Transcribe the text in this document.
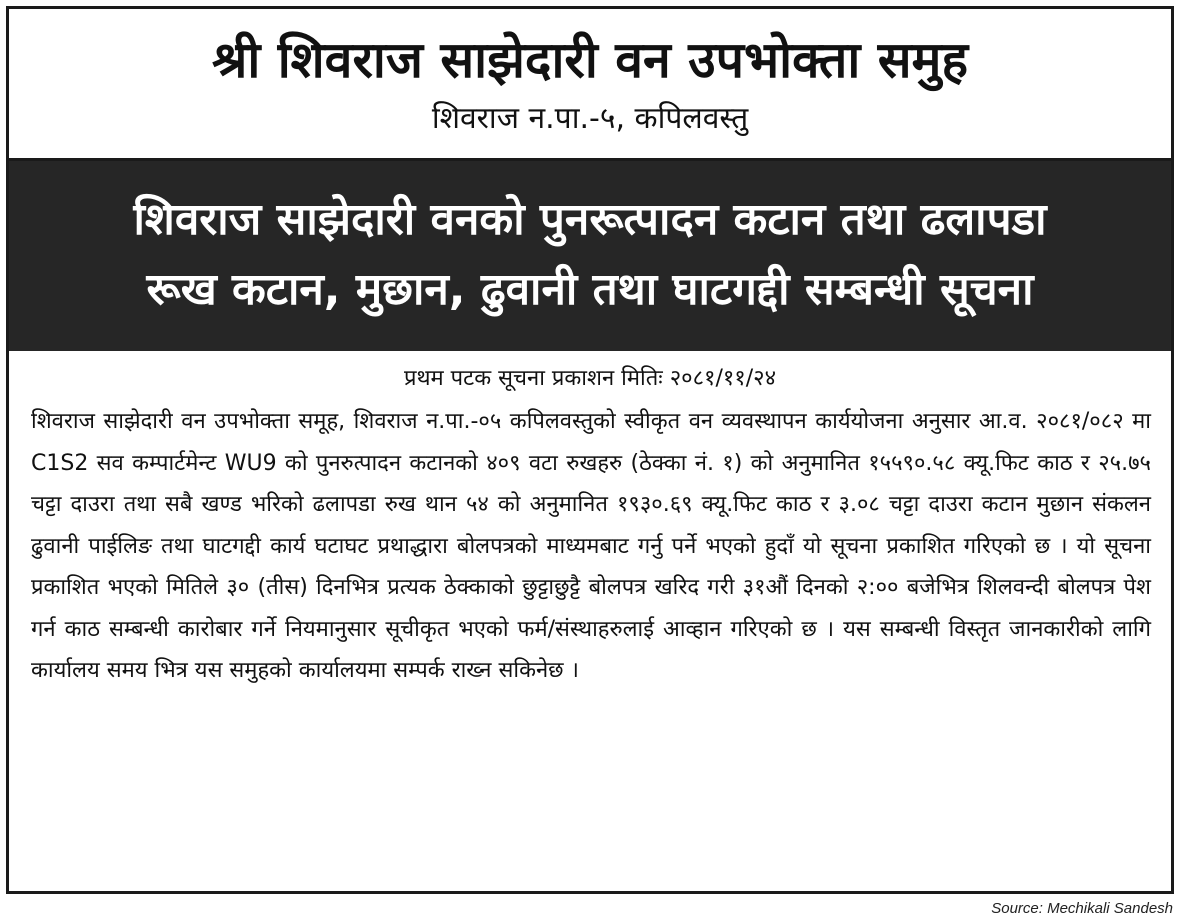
श्री शिवराज साझेदारी वन उपभोक्ता समुह

शिवराज न.पा.-५, कपिलवस्तु

शिवराज साझेदारी वनको पुनरूत्पादन कटान तथा ढलापडा
रूख कटान, मुछान, ढुवानी तथा घाटगद्दी सम्बन्धी सूचना
प्रथम पटक सूचना प्रकाशन मितिः २०८१/११/२४

शिवराज साझेदारी वन उपभोक्ता समूह, शिवराज न.पा.-०५ कपिलवस्तुको स्वीकृत वन व्यवस्थापन कार्ययोजना अनुसार आ.व. २०८१/०८२ मा C1S2 सव कम्पार्टमेन्ट WU9 को पुनरुत्पादन कटानको ४०९ वटा रुखहरु (ठेक्का नं. १) को अनुमानित १५५९०.५८ क्यू.फिट काठ र २५.७५ चट्टा दाउरा तथा सबै खण्ड भरिको ढलापडा रुख थान ५४ को अनुमानित १९३०.६९ क्यू.फिट काठ र ३.०८ चट्टा दाउरा कटान मुछान संकलन ढुवानी पाईलिङ तथा घाटगद्दी कार्य घटाघट प्रथाद्धारा बोलपत्रको माध्यमबाट गर्नु पर्ने भएको हुदाँ यो सूचना प्रकाशित गरिएको छ । यो सूचना प्रकाशित भएको मितिले ३० (तीस) दिनभित्र प्रत्यक ठेक्काको छुट्टाछुट्टै बोलपत्र खरिद गरी ३१औं दिनको २:०० बजेभित्र शिलवन्दी बोलपत्र पेश गर्न काठ सम्बन्धी कारोबार गर्ने नियमानुसार सूचीकृत भएको फर्म/संस्थाहरुलाई आव्हान गरिएको छ । यस सम्बन्धी विस्तृत जानकारीको लागि कार्यालय समय भित्र यस समुहको कार्यालयमा सम्पर्क राख्न सकिनेछ ।

Source: Mechikali Sandesh
